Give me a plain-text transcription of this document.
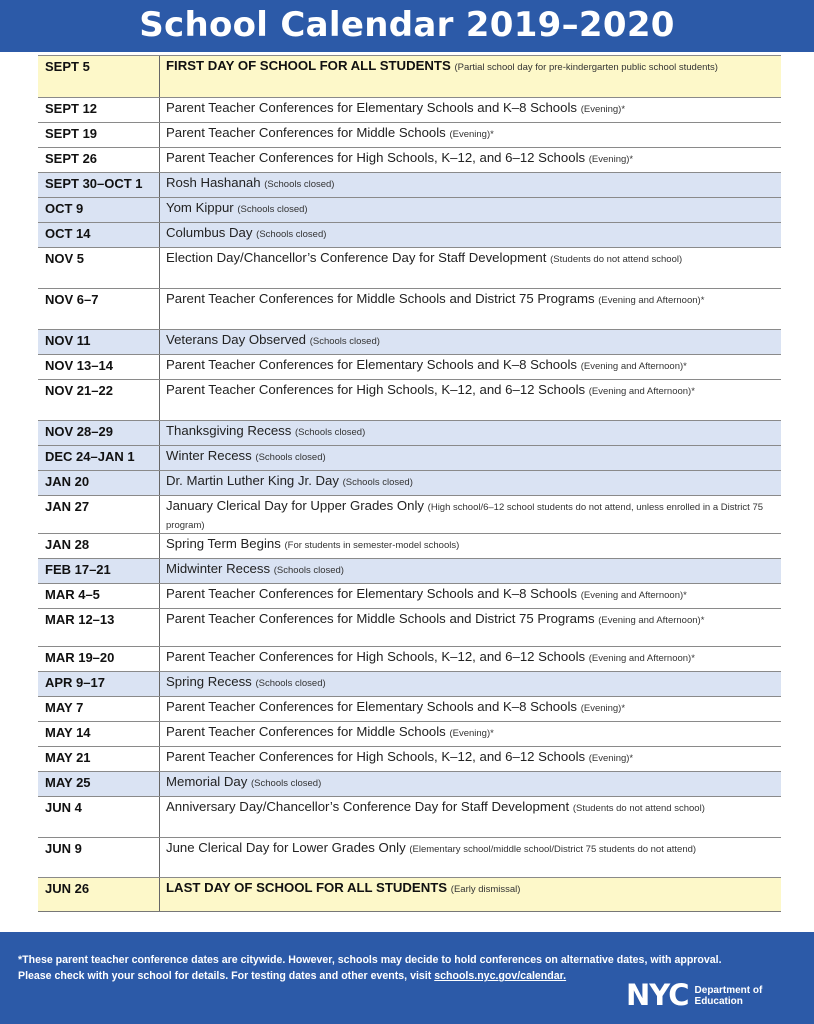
School Calendar 2019–2020
SEPT 5	FIRST DAY OF SCHOOL FOR ALL STUDENTS (Partial school day for pre-kindergarten public school students)
SEPT 12	Parent Teacher Conferences for Elementary Schools and K–8 Schools (Evening)*
SEPT 19	Parent Teacher Conferences for Middle Schools (Evening)*
SEPT 26	Parent Teacher Conferences for High Schools, K–12, and 6–12 Schools (Evening)*
SEPT 30–OCT 1	Rosh Hashanah (Schools closed)
OCT 9	Yom Kippur (Schools closed)
OCT 14	Columbus Day (Schools closed)
NOV 5	Election Day/Chancellor’s Conference Day for Staff Development (Students do not attend school)
NOV 6–7	Parent Teacher Conferences for Middle Schools and District 75 Programs (Evening and Afternoon)*
NOV 11	Veterans Day Observed (Schools closed)
NOV 13–14	Parent Teacher Conferences for Elementary Schools and K–8 Schools (Evening and Afternoon)*
NOV 21–22	Parent Teacher Conferences for High Schools, K–12, and 6–12 Schools (Evening and Afternoon)*
NOV 28–29	Thanksgiving Recess (Schools closed)
DEC 24–JAN 1	Winter Recess (Schools closed)
JAN 20	Dr. Martin Luther King Jr. Day (Schools closed)
JAN 27	January Clerical Day for Upper Grades Only (High school/6–12 school students do not attend, unless enrolled in a District 75 program)
JAN 28	Spring Term Begins (For students in semester-model schools)
FEB 17–21	Midwinter Recess (Schools closed)
MAR 4–5	Parent Teacher Conferences for Elementary Schools and K–8 Schools (Evening and Afternoon)*
MAR 12–13	Parent Teacher Conferences for Middle Schools and District 75 Programs (Evening and Afternoon)*
MAR 19–20	Parent Teacher Conferences for High Schools, K–12, and 6–12 Schools (Evening and Afternoon)*
APR 9–17	Spring Recess (Schools closed)
MAY 7	Parent Teacher Conferences for Elementary Schools and K–8 Schools (Evening)*
MAY 14	Parent Teacher Conferences for Middle Schools (Evening)*
MAY 21	Parent Teacher Conferences for High Schools, K–12, and 6–12 Schools (Evening)*
MAY 25	Memorial Day (Schools closed)
JUN 4	Anniversary Day/Chancellor’s Conference Day for Staff Development (Students do not attend school)
JUN 9	June Clerical Day for Lower Grades Only (Elementary school/middle school/District 75 students do not attend)
JUN 26	LAST DAY OF SCHOOL FOR ALL STUDENTS (Early dismissal)
*These parent teacher conference dates are citywide. However, schools may decide to hold conferences on alternative dates, with approval.
Please check with your school for details. For testing dates and other events, visit schools.nyc.gov/calendar.
NYC Department of
Education
